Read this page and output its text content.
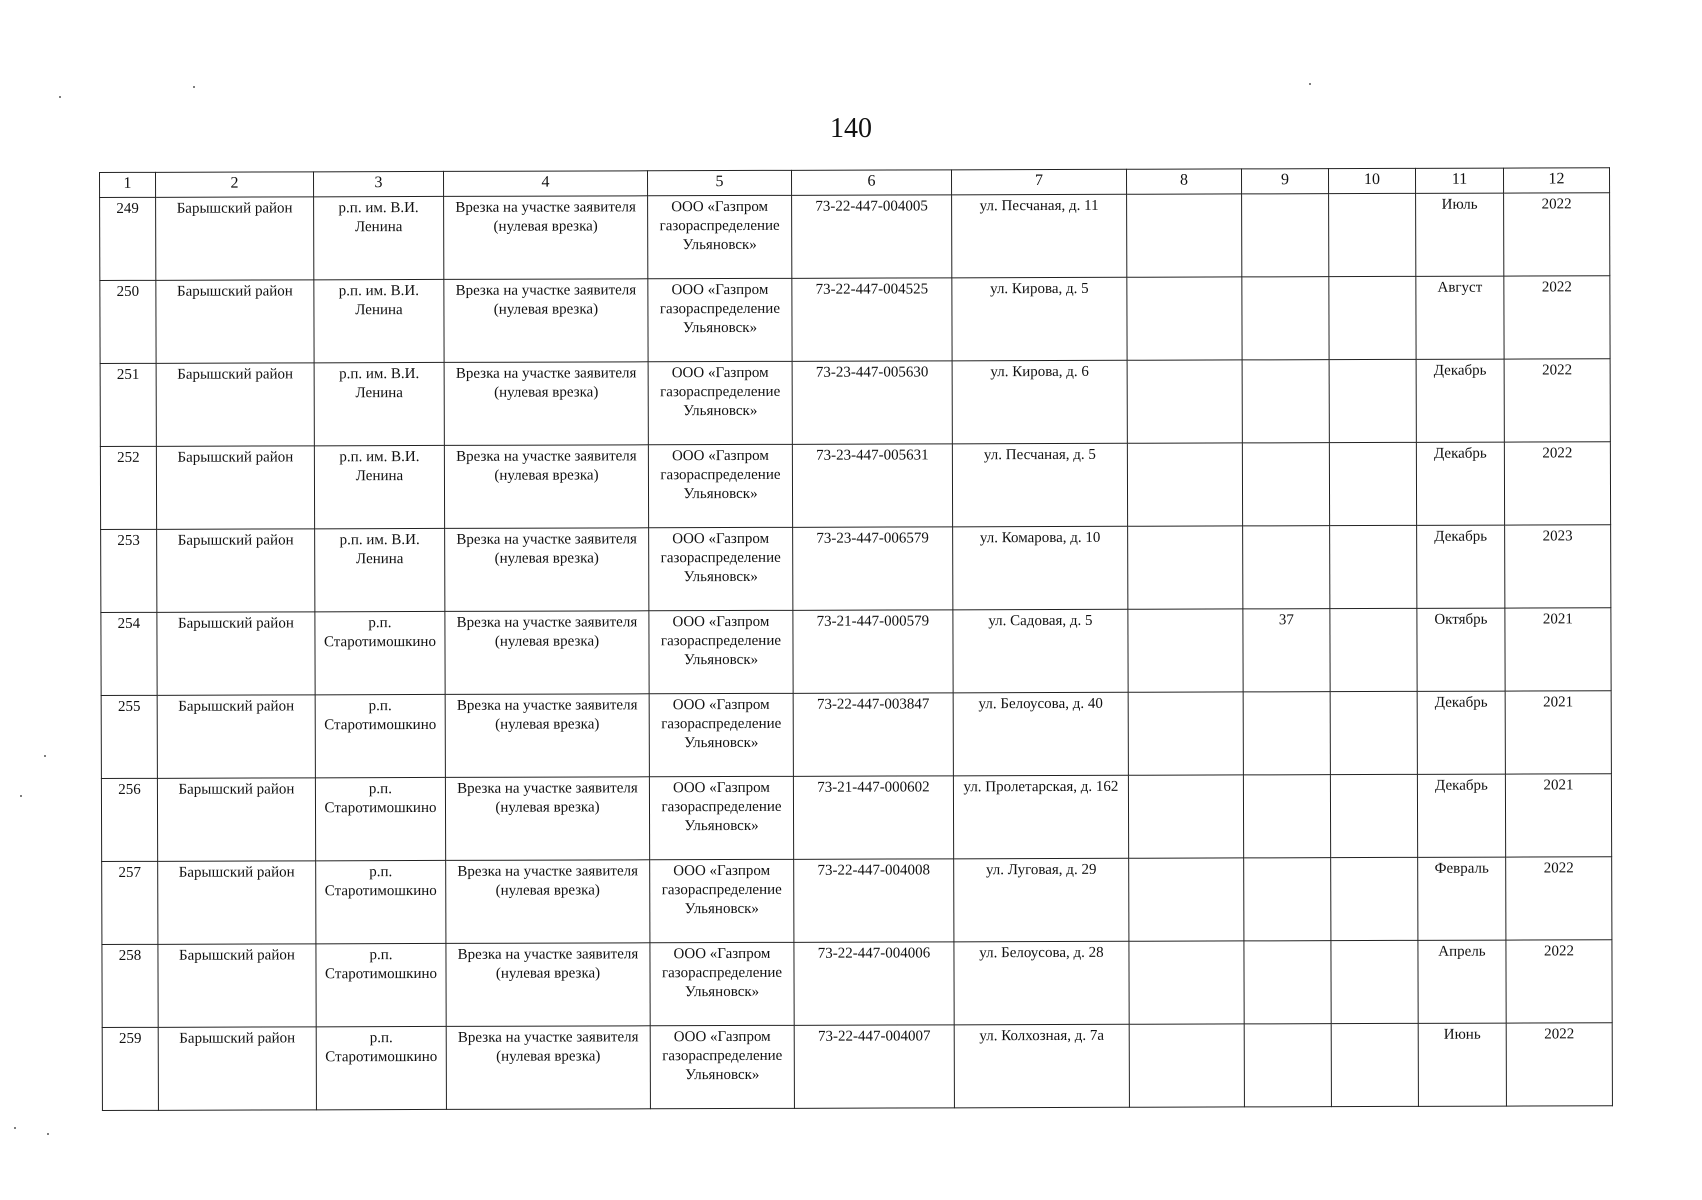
140
1	2	3	4	5	6	7	8	9	10	11	12
249	Барышский район	р.п. им. В.И. Ленина	Врезка на участке заявителя (нулевая врезка)	ООО «Газпром газораспределение Ульяновск»	73-22-447-004005	ул. Песчаная, д. 11				Июль	2022
250	Барышский район	р.п. им. В.И. Ленина	Врезка на участке заявителя (нулевая врезка)	ООО «Газпром газораспределение Ульяновск»	73-22-447-004525	ул. Кирова, д. 5				Август	2022
251	Барышский район	р.п. им. В.И. Ленина	Врезка на участке заявителя (нулевая врезка)	ООО «Газпром газораспределение Ульяновск»	73-23-447-005630	ул. Кирова, д. 6				Декабрь	2022
252	Барышский район	р.п. им. В.И. Ленина	Врезка на участке заявителя (нулевая врезка)	ООО «Газпром газораспределение Ульяновск»	73-23-447-005631	ул. Песчаная, д. 5				Декабрь	2022
253	Барышский район	р.п. им. В.И. Ленина	Врезка на участке заявителя (нулевая врезка)	ООО «Газпром газораспределение Ульяновск»	73-23-447-006579	ул. Комарова, д. 10				Декабрь	2023
254	Барышский район	р.п. Старотимошкино	Врезка на участке заявителя (нулевая врезка)	ООО «Газпром газораспределение Ульяновск»	73-21-447-000579	ул. Садовая, д. 5		37		Октябрь	2021
255	Барышский район	р.п. Старотимошкино	Врезка на участке заявителя (нулевая врезка)	ООО «Газпром газораспределение Ульяновск»	73-22-447-003847	ул. Белоусова, д. 40				Декабрь	2021
256	Барышский район	р.п. Старотимошкино	Врезка на участке заявителя (нулевая врезка)	ООО «Газпром газораспределение Ульяновск»	73-21-447-000602	ул. Пролетарская, д. 162				Декабрь	2021
257	Барышский район	р.п. Старотимошкино	Врезка на участке заявителя (нулевая врезка)	ООО «Газпром газораспределение Ульяновск»	73-22-447-004008	ул. Луговая, д. 29				Февраль	2022
258	Барышский район	р.п. Старотимошкино	Врезка на участке заявителя (нулевая врезка)	ООО «Газпром газораспределение Ульяновск»	73-22-447-004006	ул. Белоусова, д. 28				Апрель	2022
259	Барышский район	р.п. Старотимошкино	Врезка на участке заявителя (нулевая врезка)	ООО «Газпром газораспределение Ульяновск»	73-22-447-004007	ул. Колхозная, д. 7а				Июнь	2022
